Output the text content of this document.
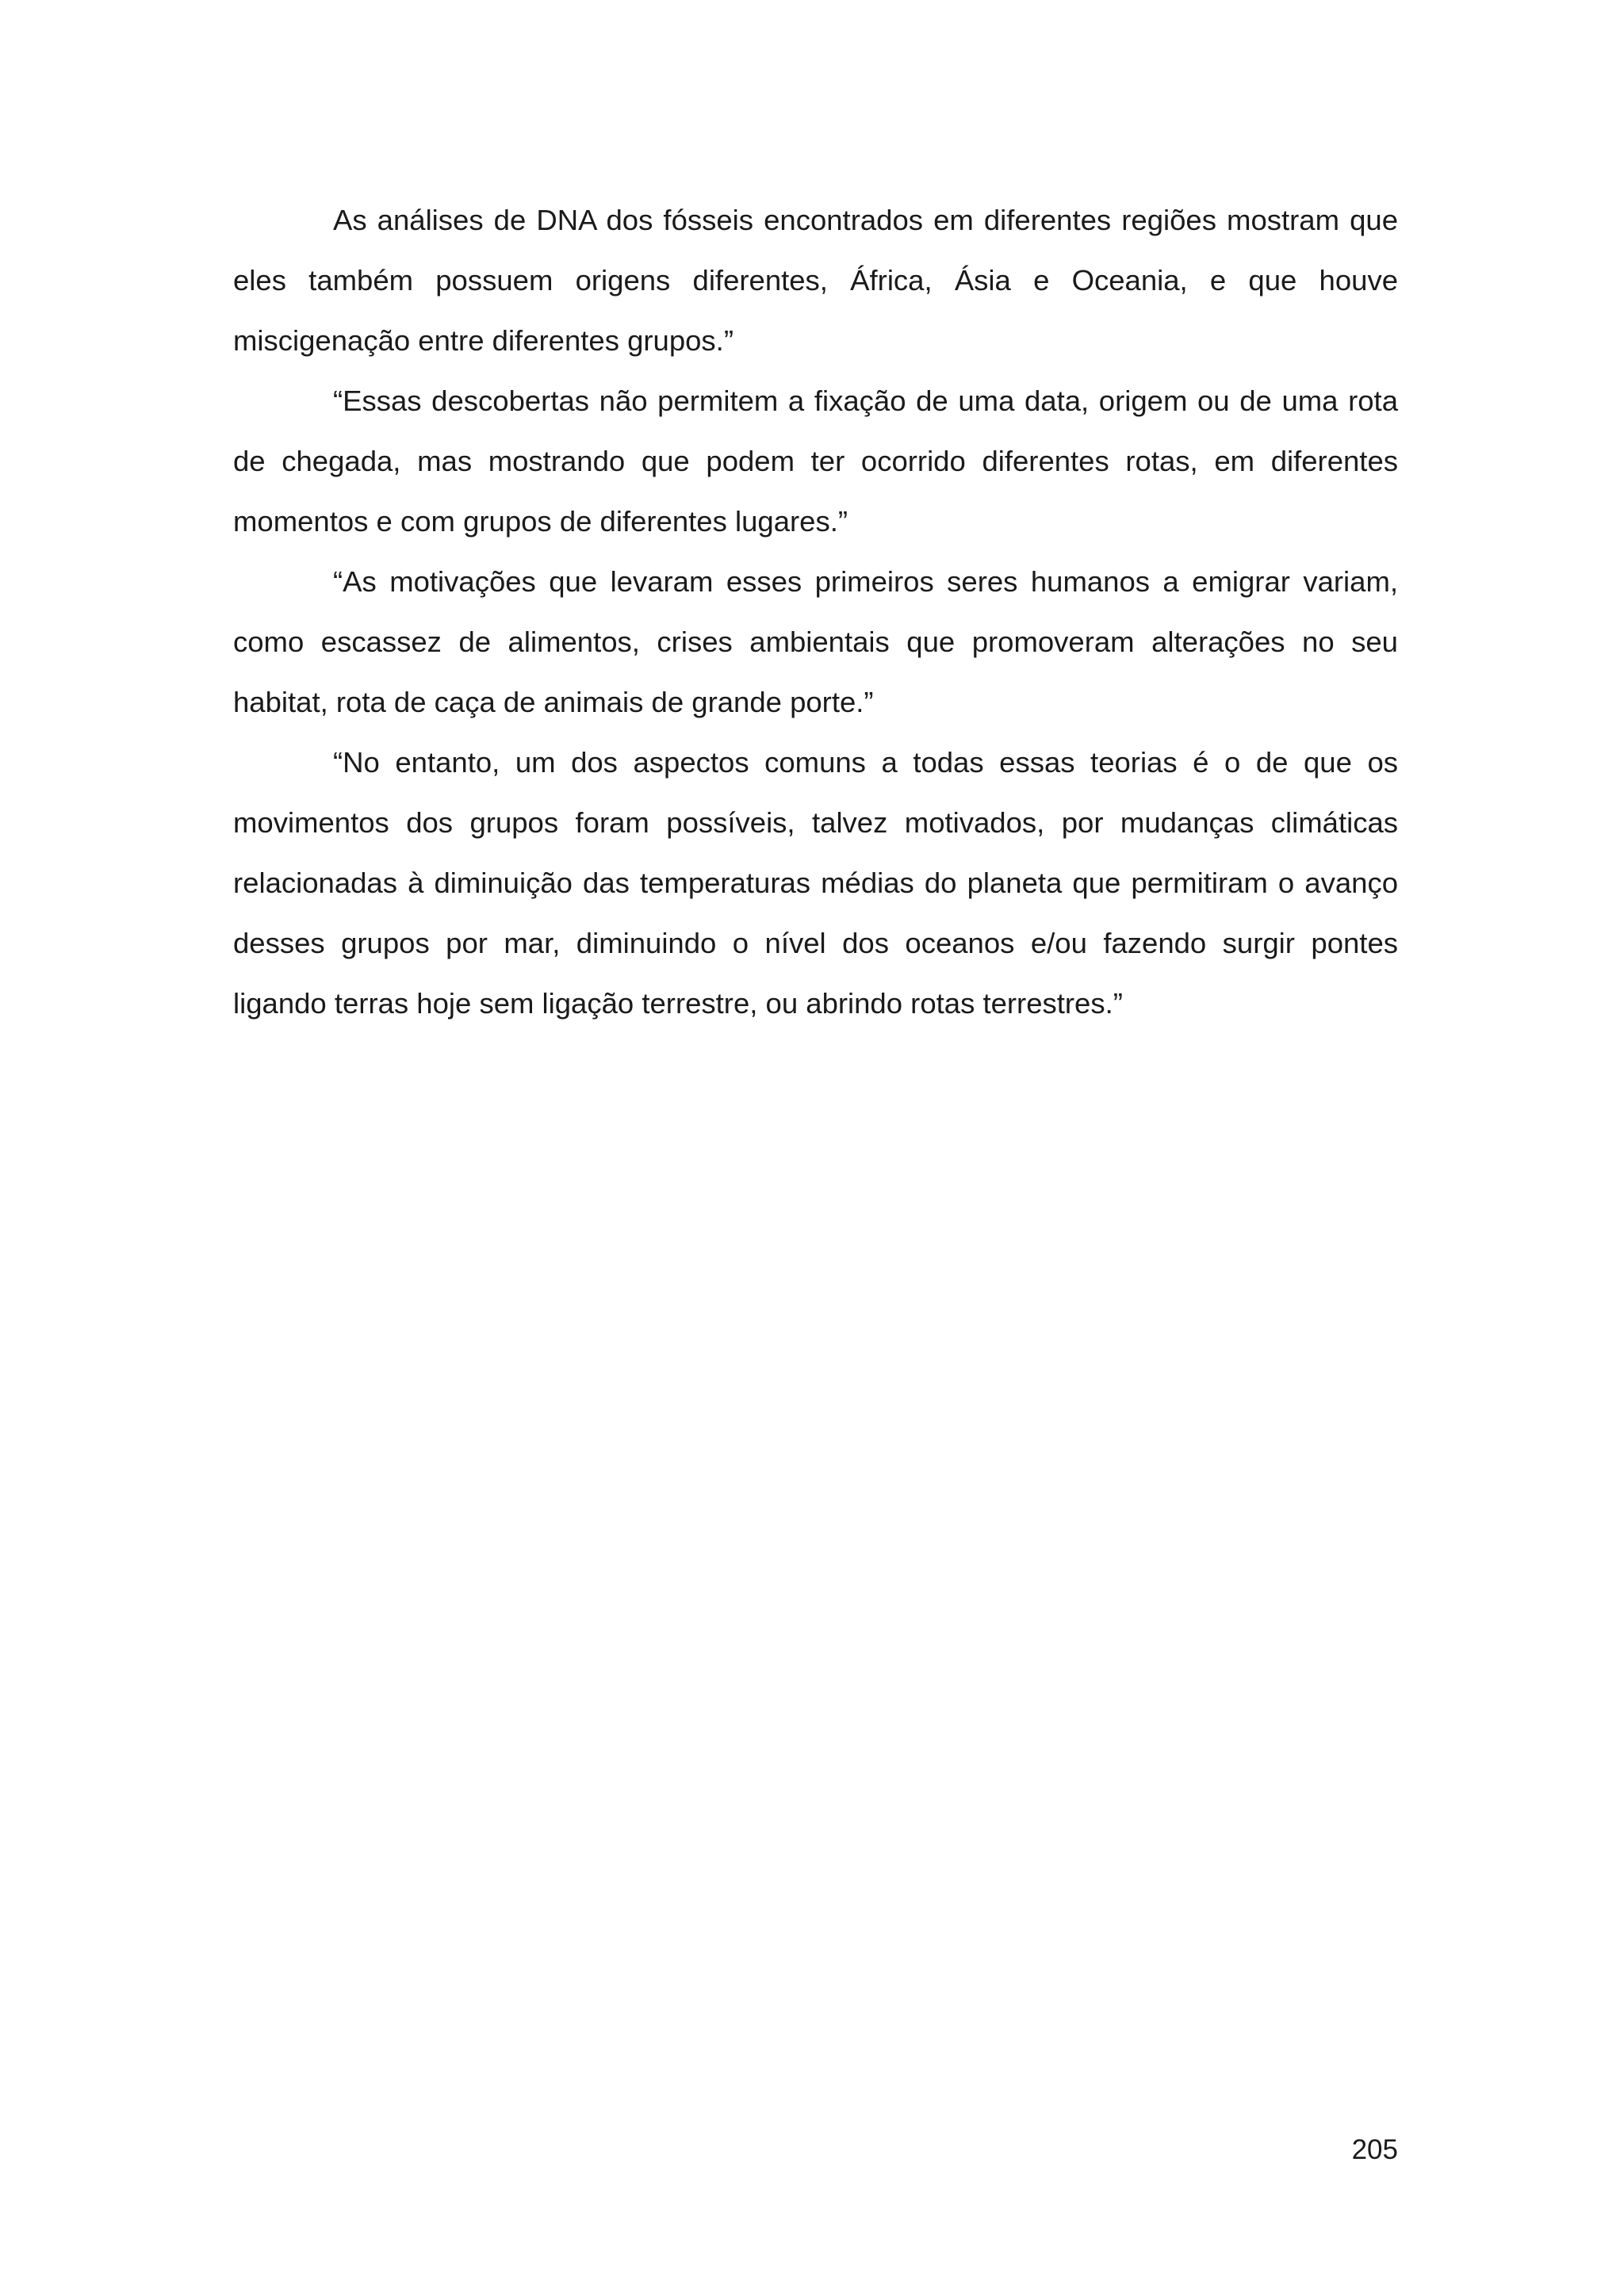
As análises de DNA dos fósseis encontrados em diferentes regiões mostram que eles também possuem origens diferentes, África, Ásia e Oceania, e que houve miscigenação entre diferentes grupos.”

“Essas descobertas não permitem a fixação de uma data, origem ou de uma rota de chegada, mas mostrando que podem ter ocorrido diferentes rotas, em diferentes momentos e com grupos de diferentes lugares.”

“As motivações que levaram esses primeiros seres humanos a emigrar variam, como escassez de alimentos, crises ambientais que promoveram alterações no seu habitat, rota de caça de animais de grande porte.”

“No entanto, um dos aspectos comuns a todas essas teorias é o de que os movimentos dos grupos foram possíveis, talvez motivados, por mudanças climáticas relacionadas à diminuição das temperaturas médias do planeta que permitiram o avanço desses grupos por mar, diminuindo o nível dos oceanos e/ou fazendo surgir pontes ligando terras hoje sem ligação terrestre, ou abrindo rotas terrestres.”

205
